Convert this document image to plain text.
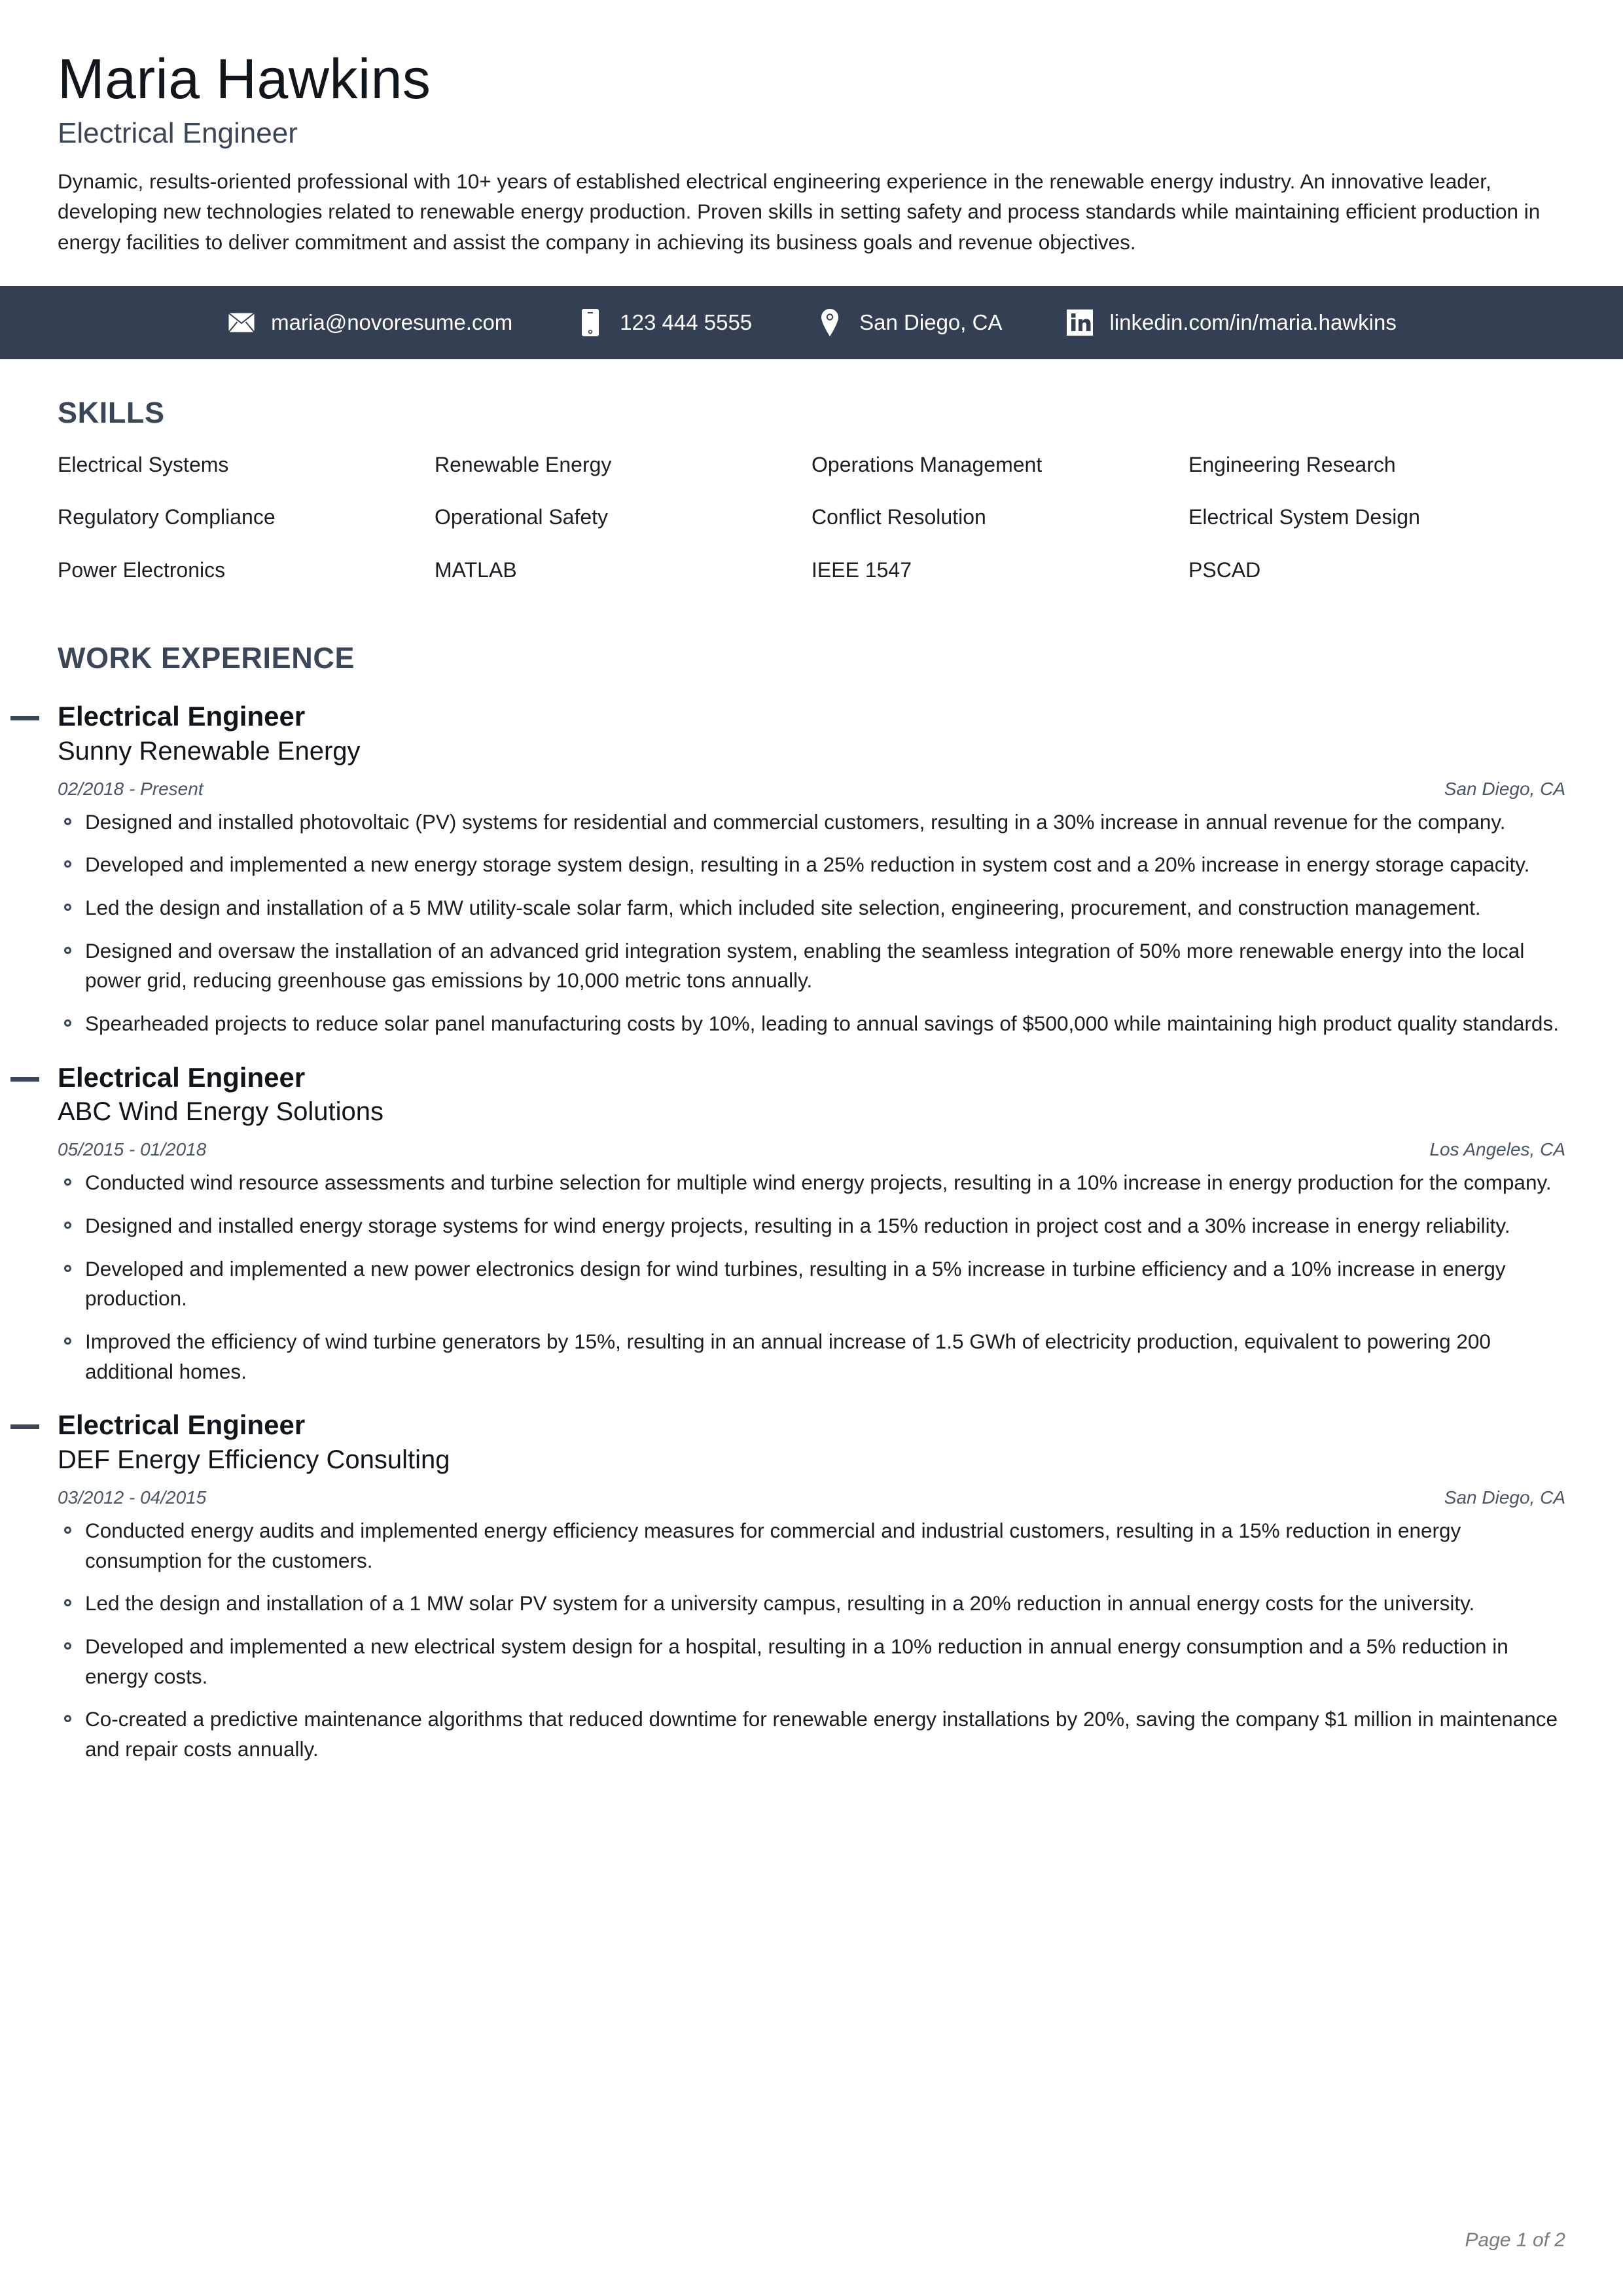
Maria Hawkins
Electrical Engineer

Dynamic, results-oriented professional with 10+ years of established electrical engineering experience in the renewable energy industry. An innovative leader, developing new technologies related to renewable energy production. Proven skills in setting safety and process standards while maintaining efficient production in energy facilities to deliver commitment and assist the company in achieving its business goals and revenue objectives.

maria@novoresume.com	123 444 5555	San Diego, CA	linkedin.com/in/maria.hawkins
SKILLS
Electrical Systems	Renewable Energy	Operations Management	Engineering Research
Regulatory Compliance	Operational Safety	Conflict Resolution	Electrical System Design
Power Electronics	MATLAB	IEEE 1547	PSCAD
WORK EXPERIENCE
Electrical Engineer
Sunny Renewable Energy
02/2018 - Present	San Diego, CA
Designed and installed photovoltaic (PV) systems for residential and commercial customers, resulting in a 30% increase in annual revenue for the company.
Developed and implemented a new energy storage system design, resulting in a 25% reduction in system cost and a 20% increase in energy storage capacity.
Led the design and installation of a 5 MW utility-scale solar farm, which included site selection, engineering, procurement, and construction management.
Designed and oversaw the installation of an advanced grid integration system, enabling the seamless integration of 50% more renewable energy into the local power grid, reducing greenhouse gas emissions by 10,000 metric tons annually.
Spearheaded projects to reduce solar panel manufacturing costs by 10%, leading to annual savings of $500,000 while maintaining high product quality standards.
Electrical Engineer
ABC Wind Energy Solutions
05/2015 - 01/2018	Los Angeles, CA
Conducted wind resource assessments and turbine selection for multiple wind energy projects, resulting in a 10% increase in energy production for the company.
Designed and installed energy storage systems for wind energy projects, resulting in a 15% reduction in project cost and a 30% increase in energy reliability.
Developed and implemented a new power electronics design for wind turbines, resulting in a 5% increase in turbine efficiency and a 10% increase in energy production.
Improved the efficiency of wind turbine generators by 15%, resulting in an annual increase of 1.5 GWh of electricity production, equivalent to powering 200 additional homes.
Electrical Engineer
DEF Energy Efficiency Consulting
03/2012 - 04/2015	San Diego, CA
Conducted energy audits and implemented energy efficiency measures for commercial and industrial customers, resulting in a 15% reduction in energy consumption for the customers.
Led the design and installation of a 1 MW solar PV system for a university campus, resulting in a 20% reduction in annual energy costs for the university.
Developed and implemented a new electrical system design for a hospital, resulting in a 10% reduction in annual energy consumption and a 5% reduction in energy costs.
Co-created a predictive maintenance algorithms that reduced downtime for renewable energy installations by 20%, saving the company $1 million in maintenance and repair costs annually.
Page 1 of 2
